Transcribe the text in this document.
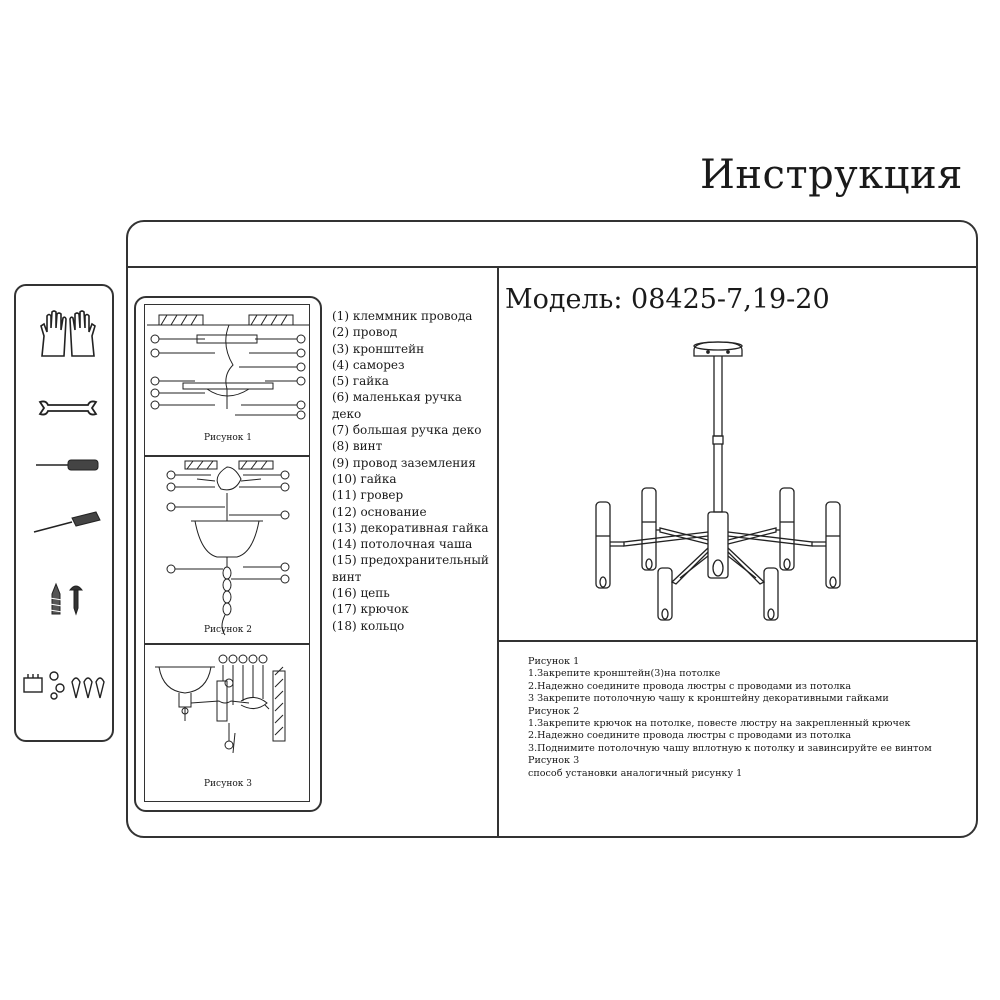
Инструкция
Рисунок 1
Рисунок 2
Рисунок 3
(1) клеммник провода
(2) провод
(3) кронштейн
(4) саморез
(5) гайка
(6) маленькая ручка деко
(7) большая ручка деко
(8) винт
(9) провод заземления
(10) гайка
(11) гровер
(12) основание
(13) декоративная гайка
(14) потолочная чаша
(15) предохранительный
винт
(16) цепь
(17) крючок
(18) кольцо
Модель: 08425-7,19-20
Рисунок 1
1.Закрепите кронштейн(3)на потолке
2.Надежно соедините провода люстры с проводами из потолка
3 Закрепите потолочную чашу к кронштейну декоративными гайками
Рисунок 2
1.Закрепите крючок на потолке, повесте люстру на закрепленный крючек
2.Надежно соедините провода люстры с проводами из потолка
3.Поднимите потолочную чашу вплотную к потолку и завинсируйте ее винтом
Рисунок 3
способ установки аналогичный рисунку 1
